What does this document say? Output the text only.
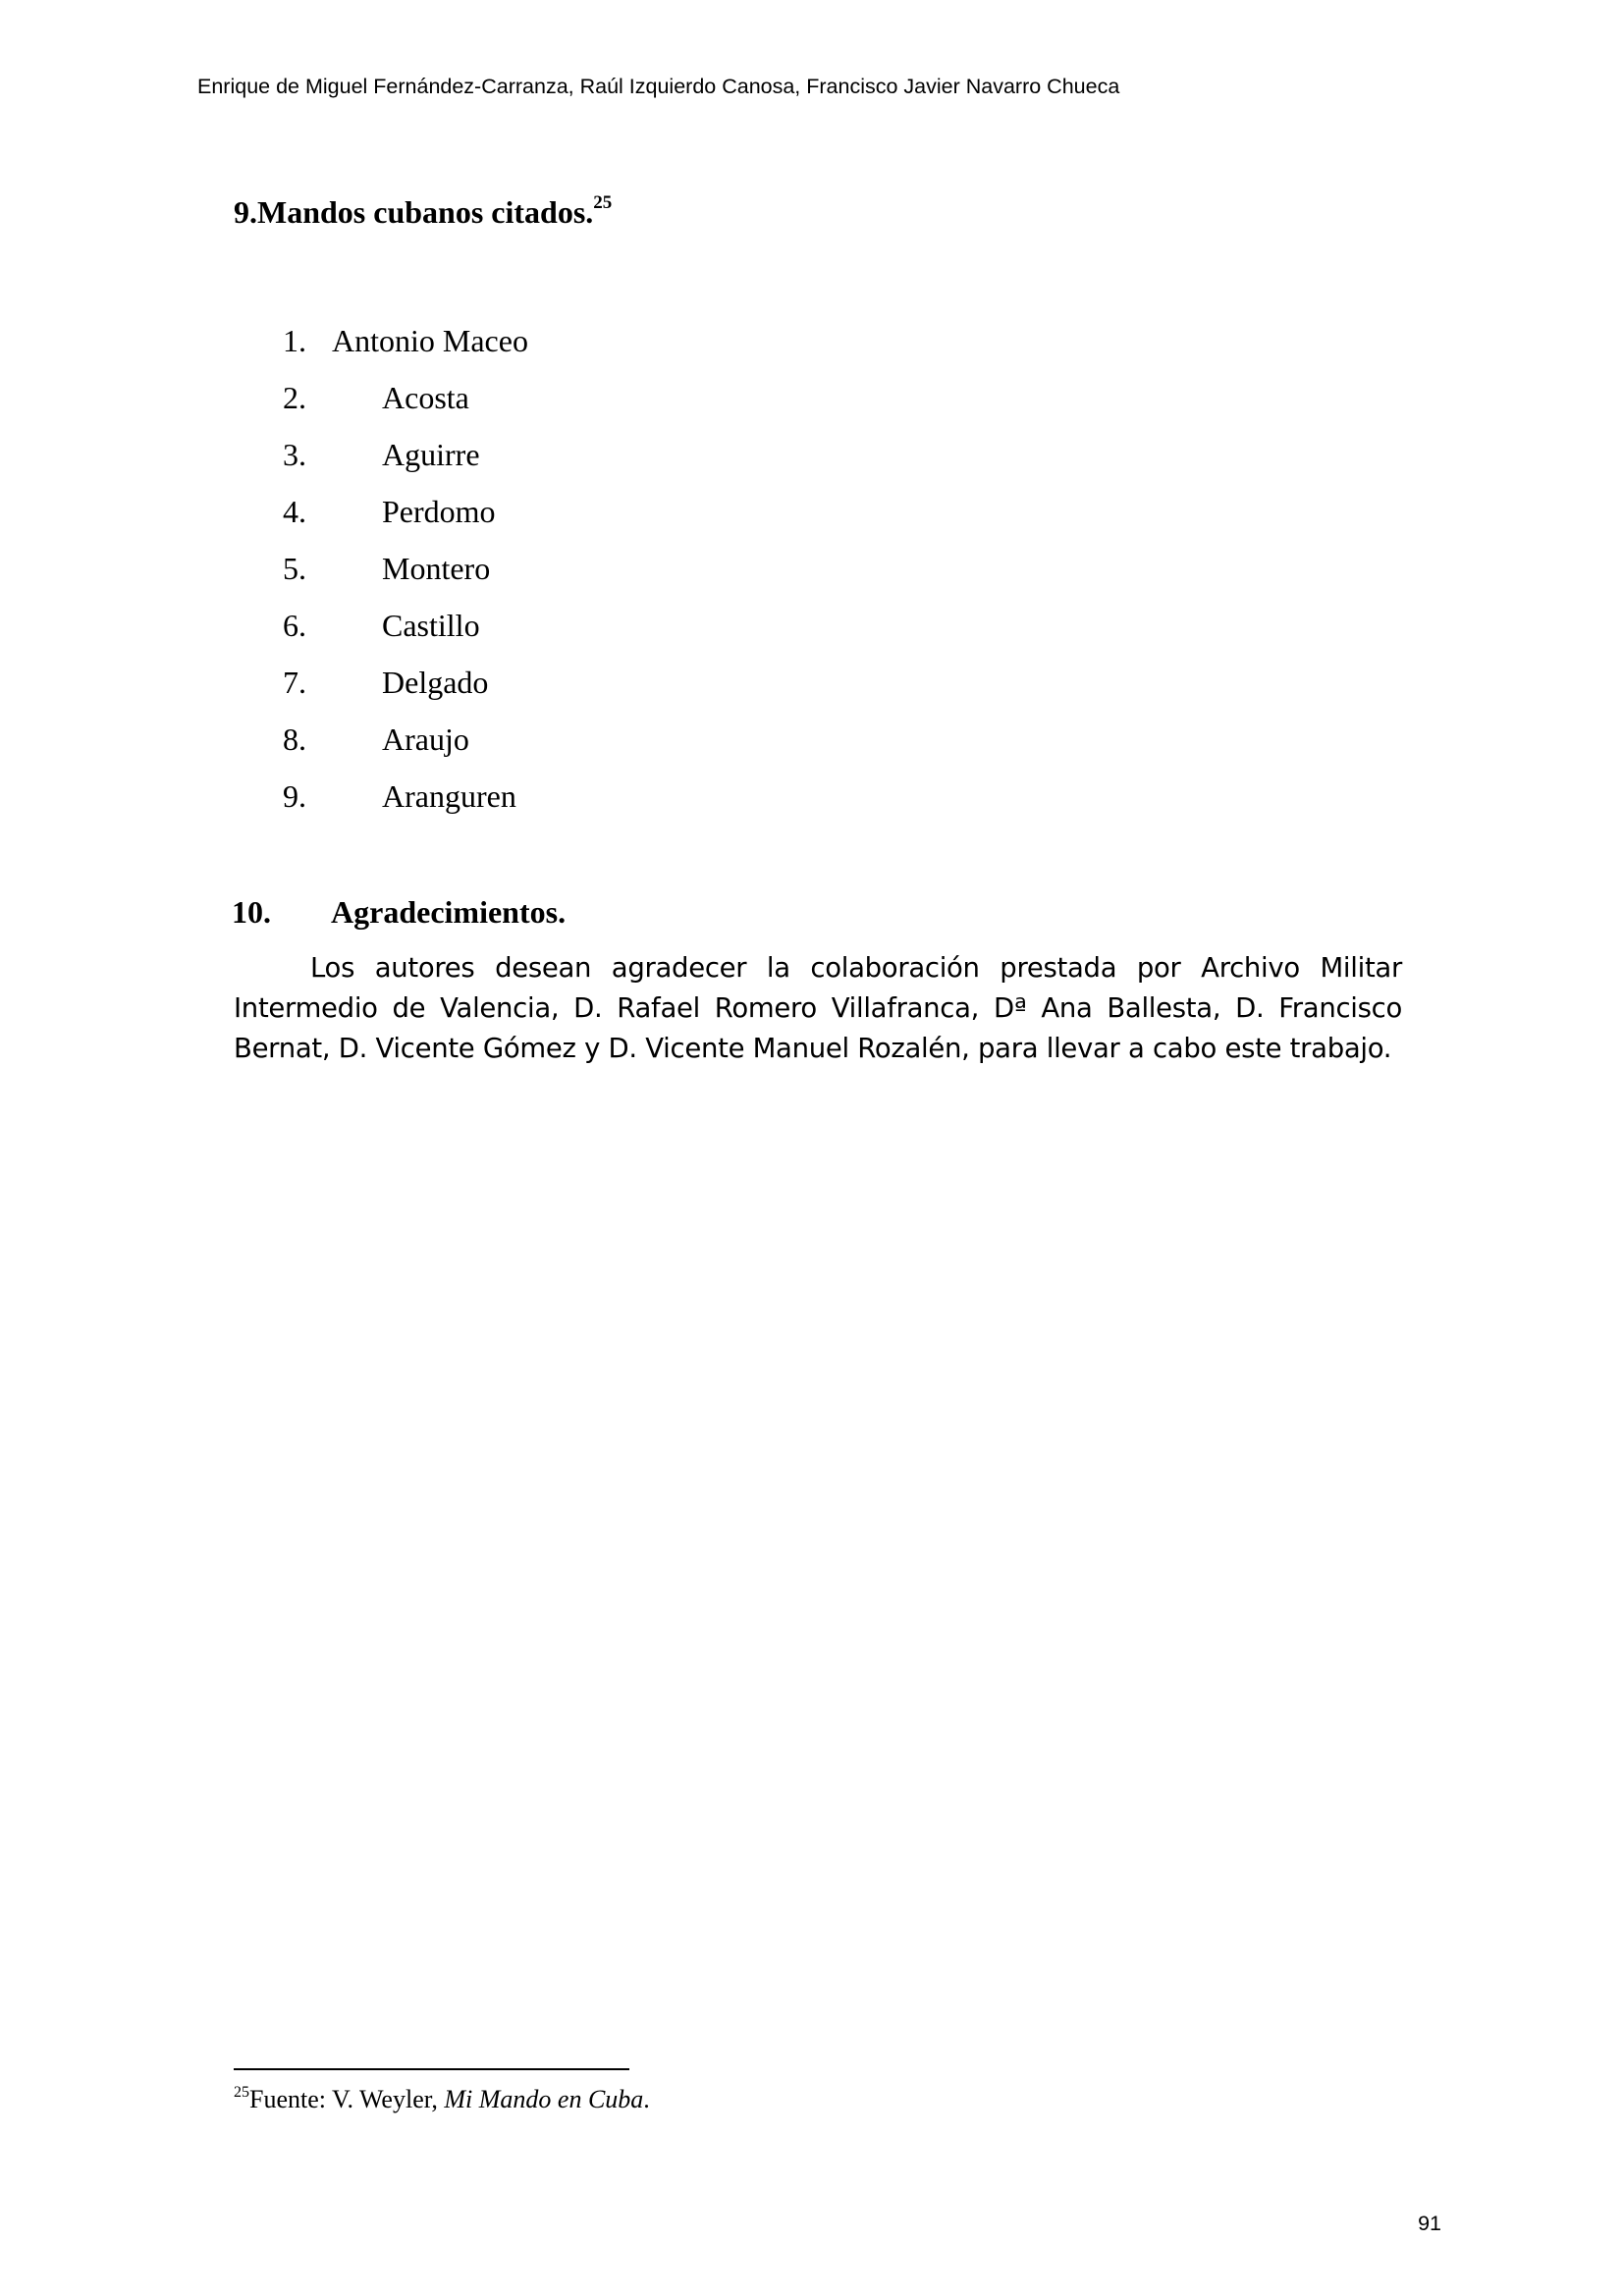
Enrique de Miguel Fernández-Carranza, Raúl Izquierdo Canosa, Francisco Javier Navarro Chueca
9.Mandos cubanos citados.$^{25}$
1. Antonio Maceo
2. Acosta
3. Aguirre
4. Perdomo
5. Montero
6. Castillo
7. Delgado
8. Araujo
9. Aranguren
10. Agradecimientos.
Los autores desean agradecer la colaboración prestada por Archivo Militar Intermedio de Valencia, D. Rafael Romero Villafranca, Dª Ana Ballesta, D. Francisco Bernat, D. Vicente Gómez y D. Vicente Manuel Rozalén, para llevar a cabo este trabajo.
$^{25}$Fuente: V. Weyler, Mi Mando en Cuba.
91
